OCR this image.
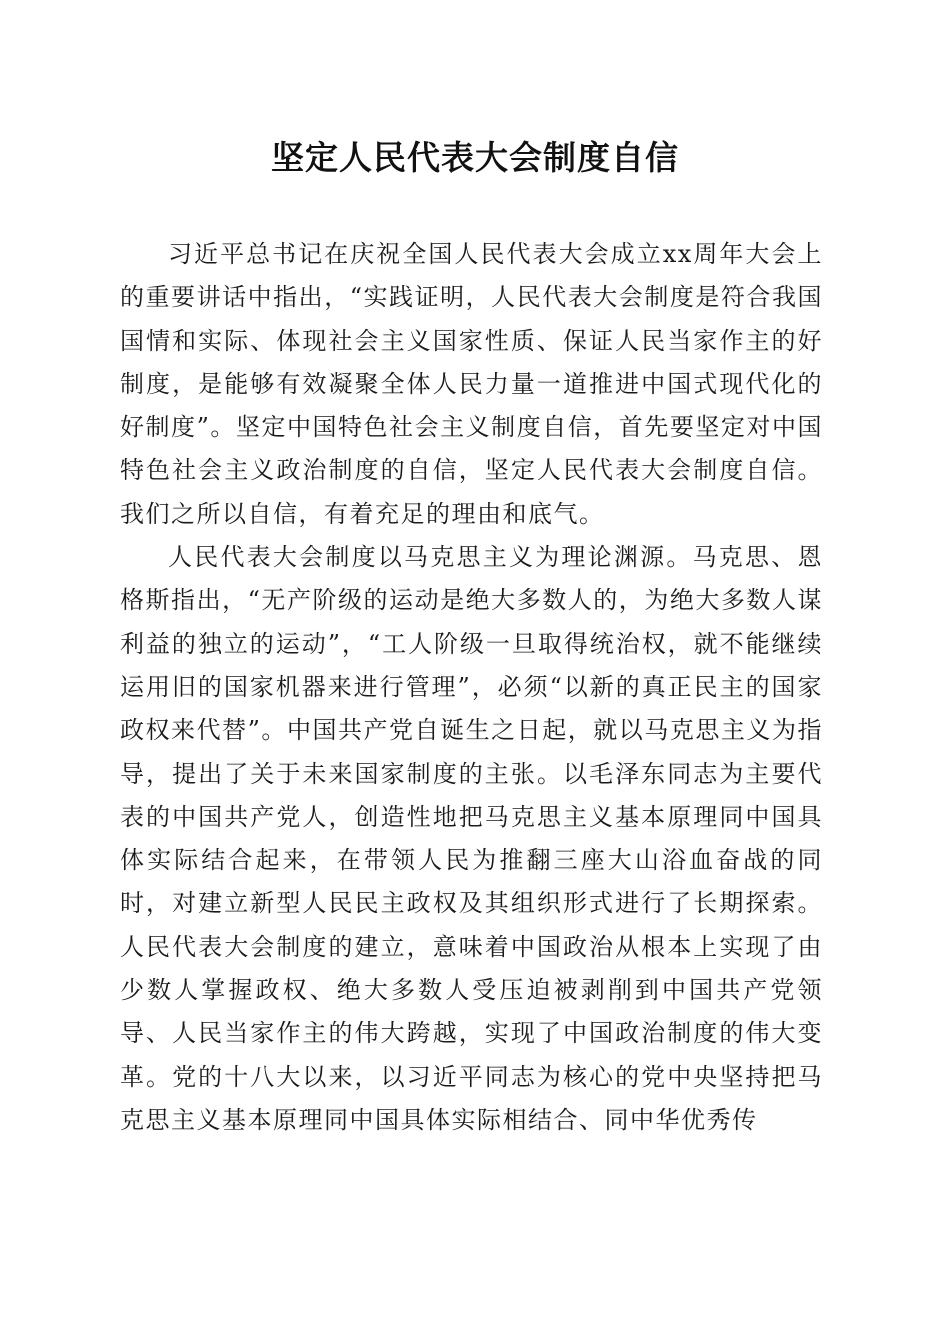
坚定人民代表大会制度自信

习近平总书记在庆祝全国人民代表大会成立xx周年大会上的重要讲话中指出，“实践证明，人民代表大会制度是符合我国国情和实际、体现社会主义国家性质、保证人民当家作主的好制度，是能够有效凝聚全体人民力量一道推进中国式现代化的好制度”。坚定中国特色社会主义制度自信，首先要坚定对中国特色社会主义政治制度的自信，坚定人民代表大会制度自信。我们之所以自信，有着充足的理由和底气。

人民代表大会制度以马克思主义为理论渊源。马克思、恩格斯指出，“无产阶级的运动是绝大多数人的，为绝大多数人谋利益的独立的运动”，“工人阶级一旦取得统治权，就不能继续运用旧的国家机器来进行管理”，必须“以新的真正民主的国家政权来代替”。中国共产党自诞生之日起，就以马克思主义为指导，提出了关于未来国家制度的主张。以毛泽东同志为主要代表的中国共产党人，创造性地把马克思主义基本原理同中国具体实际结合起来，在带领人民为推翻三座大山浴血奋战的同时，对建立新型人民民主政权及其组织形式进行了长期探索。人民代表大会制度的建立，意味着中国政治从根本上实现了由少数人掌握政权、绝大多数人受压迫被剥削到中国共产党领导、人民当家作主的伟大跨越，实现了中国政治制度的伟大变革。党的十八大以来，以习近平同志为核心的党中央坚持把马克思主义基本原理同中国具体实际相结合、同中华优秀传
